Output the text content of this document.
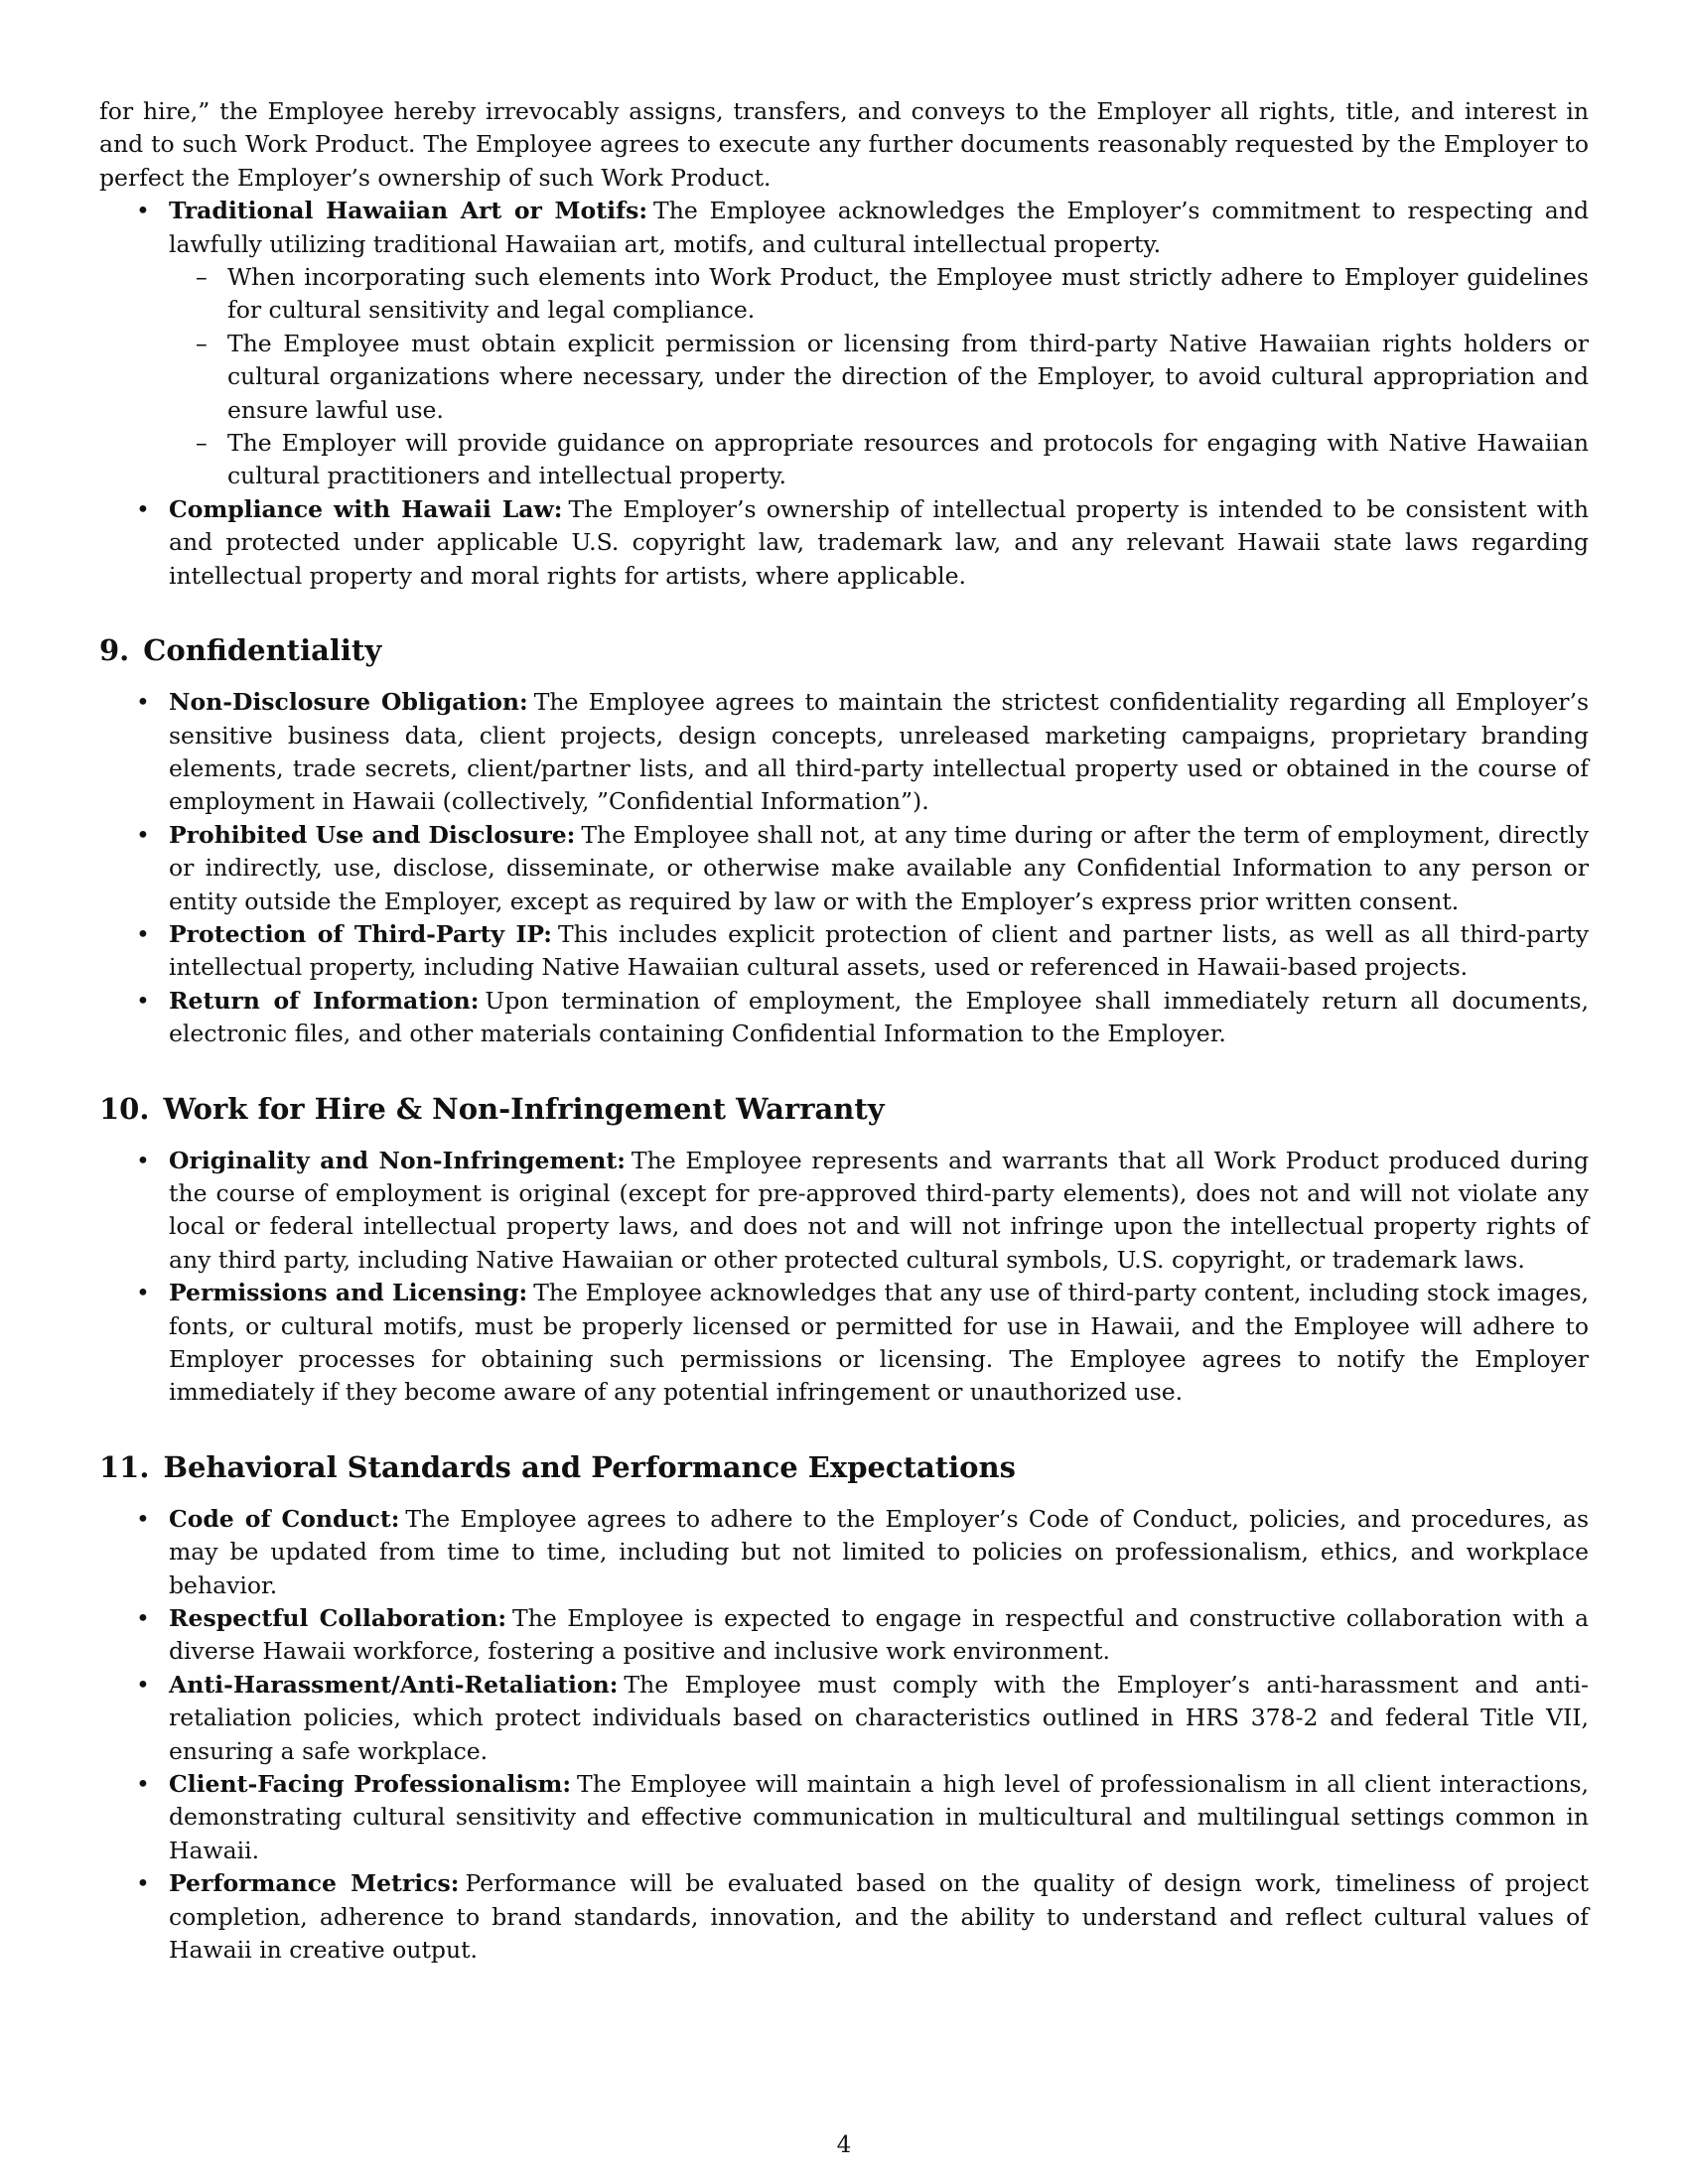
for hire,” the Employee hereby irrevocably assigns, transfers, and conveys to the Employer all rights, title, and interest in and to such Work Product. The Employee agrees to execute any further documents reasonably requested by the Employer to perfect the Employer’s ownership of such Work Product.

• Traditional Hawaiian Art or Motifs: The Employee acknowledges the Employer’s commitment to respecting and lawfully utilizing traditional Hawaiian art, motifs, and cultural intellectual property.
– When incorporating such elements into Work Product, the Employee must strictly adhere to Employer guidelines for cultural sensitivity and legal compliance.
– The Employee must obtain explicit permission or licensing from third-party Native Hawaiian rights holders or cultural organizations where necessary, under the direction of the Employer, to avoid cultural appropriation and ensure lawful use.
– The Employer will provide guidance on appropriate resources and protocols for engaging with Native Hawaiian cultural practitioners and intellectual property.
• Compliance with Hawaii Law: The Employer’s ownership of intellectual property is intended to be consistent with and protected under applicable U.S. copyright law, trademark law, and any relevant Hawaii state laws regarding intellectual property and moral rights for artists, where applicable.
9. Confidentiality
• Non-Disclosure Obligation: The Employee agrees to maintain the strictest confidentiality regarding all Employer’s sensitive business data, client projects, design concepts, unreleased marketing campaigns, proprietary branding elements, trade secrets, client/partner lists, and all third-party intellectual property used or obtained in the course of employment in Hawaii (collectively, ”Confidential Information”).
• Prohibited Use and Disclosure: The Employee shall not, at any time during or after the term of employment, directly or indirectly, use, disclose, disseminate, or otherwise make available any Confidential Information to any person or entity outside the Employer, except as required by law or with the Employer’s express prior written consent.
• Protection of Third-Party IP: This includes explicit protection of client and partner lists, as well as all third-party intellectual property, including Native Hawaiian cultural assets, used or referenced in Hawaii-based projects.
• Return of Information: Upon termination of employment, the Employee shall immediately return all documents, electronic files, and other materials containing Confidential Information to the Employer.
10. Work for Hire & Non-Infringement Warranty
• Originality and Non-Infringement: The Employee represents and warrants that all Work Product produced during the course of employment is original (except for pre-approved third-party elements), does not and will not violate any local or federal intellectual property laws, and does not and will not infringe upon the intellectual property rights of any third party, including Native Hawaiian or other protected cultural symbols, U.S. copyright, or trademark laws.
• Permissions and Licensing: The Employee acknowledges that any use of third-party content, including stock images, fonts, or cultural motifs, must be properly licensed or permitted for use in Hawaii, and the Employee will adhere to Employer processes for obtaining such permissions or licensing. The Employee agrees to notify the Employer immediately if they become aware of any potential infringement or unauthorized use.
11. Behavioral Standards and Performance Expectations
• Code of Conduct: The Employee agrees to adhere to the Employer’s Code of Conduct, policies, and procedures, as may be updated from time to time, including but not limited to policies on professionalism, ethics, and workplace behavior.
• Respectful Collaboration: The Employee is expected to engage in respectful and constructive collaboration with a diverse Hawaii workforce, fostering a positive and inclusive work environment.
• Anti-Harassment/Anti-Retaliation: The Employee must comply with the Employer’s anti-harassment and anti-retaliation policies, which protect individuals based on characteristics outlined in HRS 378-2 and federal Title VII, ensuring a safe workplace.
• Client-Facing Professionalism: The Employee will maintain a high level of professionalism in all client interactions, demonstrating cultural sensitivity and effective communication in multicultural and multilingual settings common in Hawaii.
• Performance Metrics: Performance will be evaluated based on the quality of design work, timeliness of project completion, adherence to brand standards, innovation, and the ability to understand and reflect cultural values of Hawaii in creative output.
4
